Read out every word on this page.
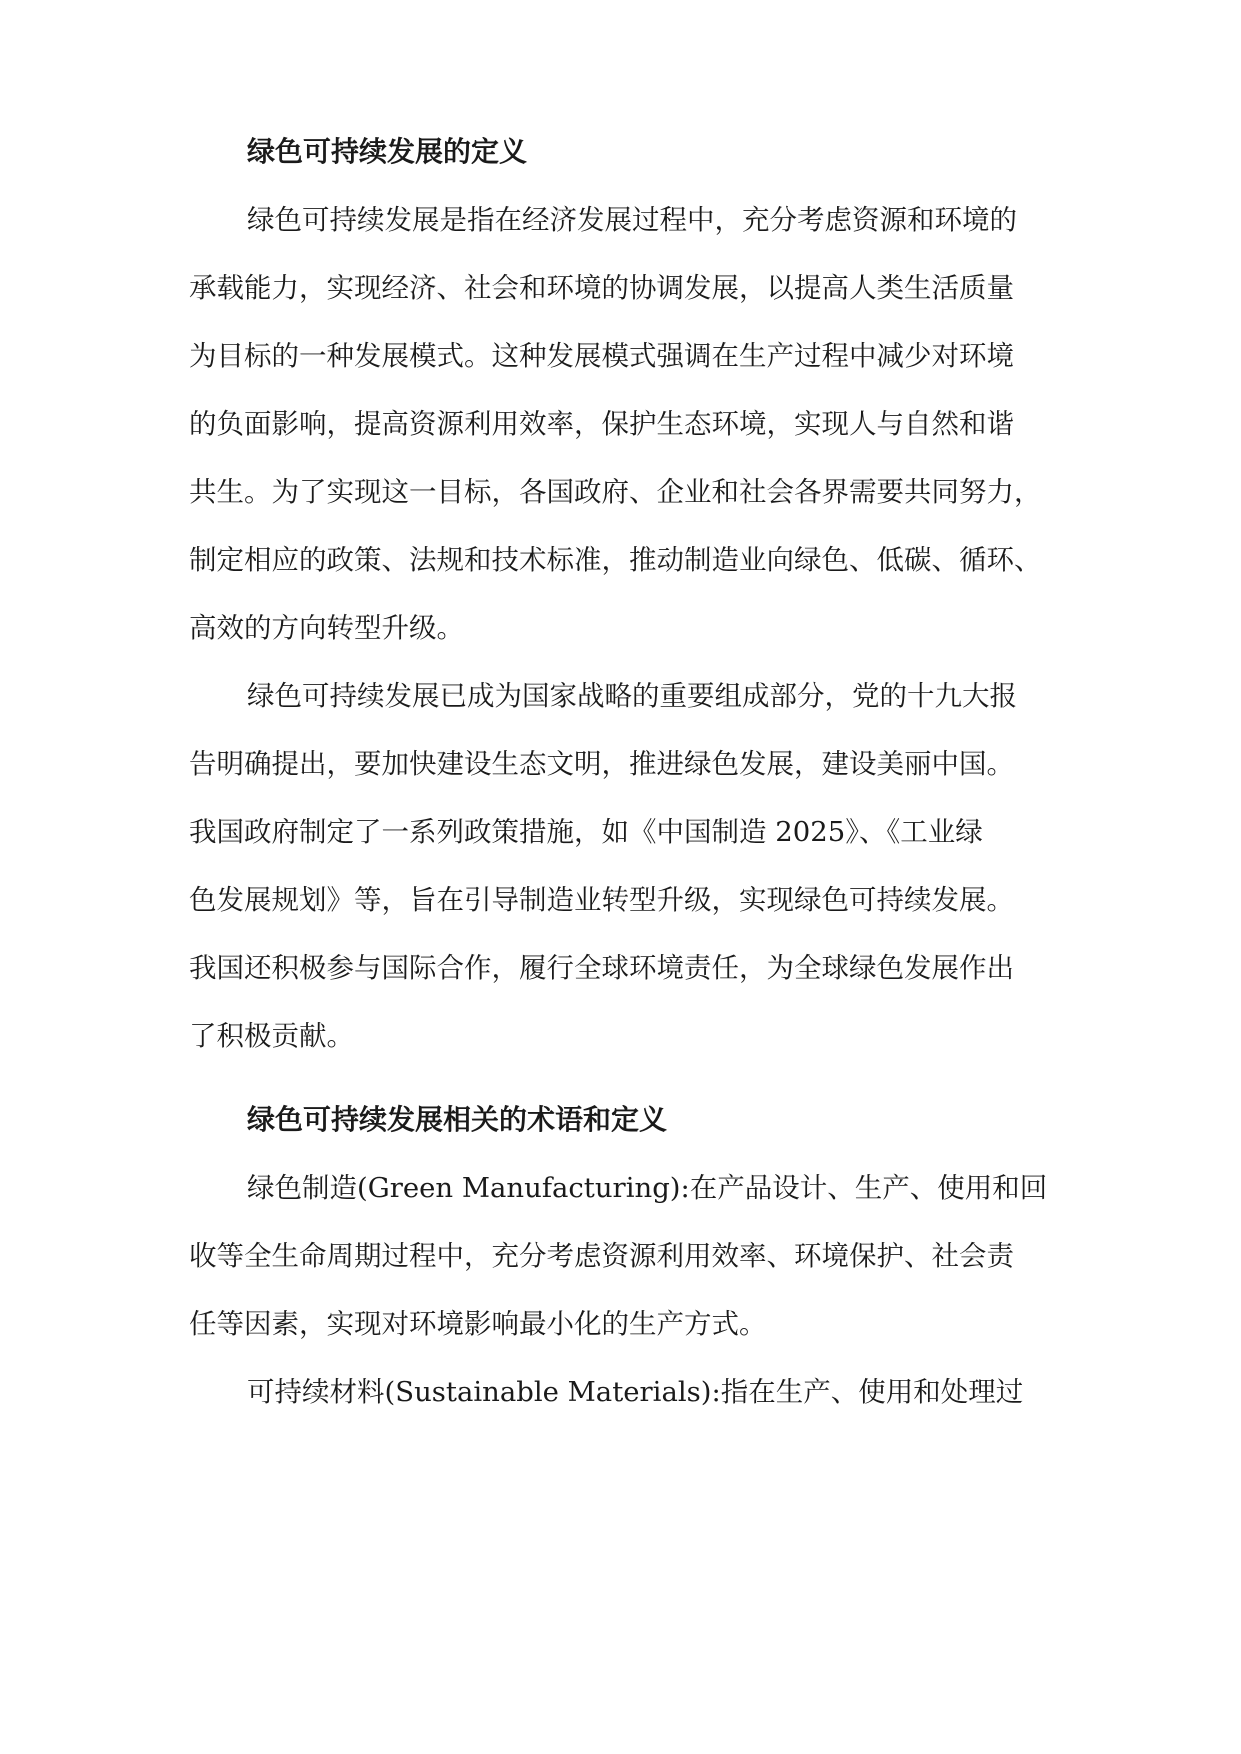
绿色可持续发展的定义

绿色可持续发展是指在经济发展过程中，充分考虑资源和环境的

承载能力，实现经济、社会和环境的协调发展，以提高人类生活质量

为目标的一种发展模式。这种发展模式强调在生产过程中减少对环境

的负面影响，提高资源利用效率，保护生态环境，实现人与自然和谐

共生。为了实现这一目标，各国政府、企业和社会各界需要共同努力，

制定相应的政策、法规和技术标准，推动制造业向绿色、低碳、循环、

高效的方向转型升级。

绿色可持续发展已成为国家战略的重要组成部分，党的十九大报

告明确提出，要加快建设生态文明，推进绿色发展，建设美丽中国。

我国政府制定了一系列政策措施，如《中国制造 2025》、《工业绿

色发展规划》等，旨在引导制造业转型升级，实现绿色可持续发展。

我国还积极参与国际合作，履行全球环境责任，为全球绿色发展作出

了积极贡献。

绿色可持续发展相关的术语和定义

绿色制造(Green Manufacturing):在产品设计、生产、使用和回

收等全生命周期过程中，充分考虑资源利用效率、环境保护、社会责

任等因素，实现对环境影响最小化的生产方式。

可持续材料(Sustainable Materials):指在生产、使用和处理过
